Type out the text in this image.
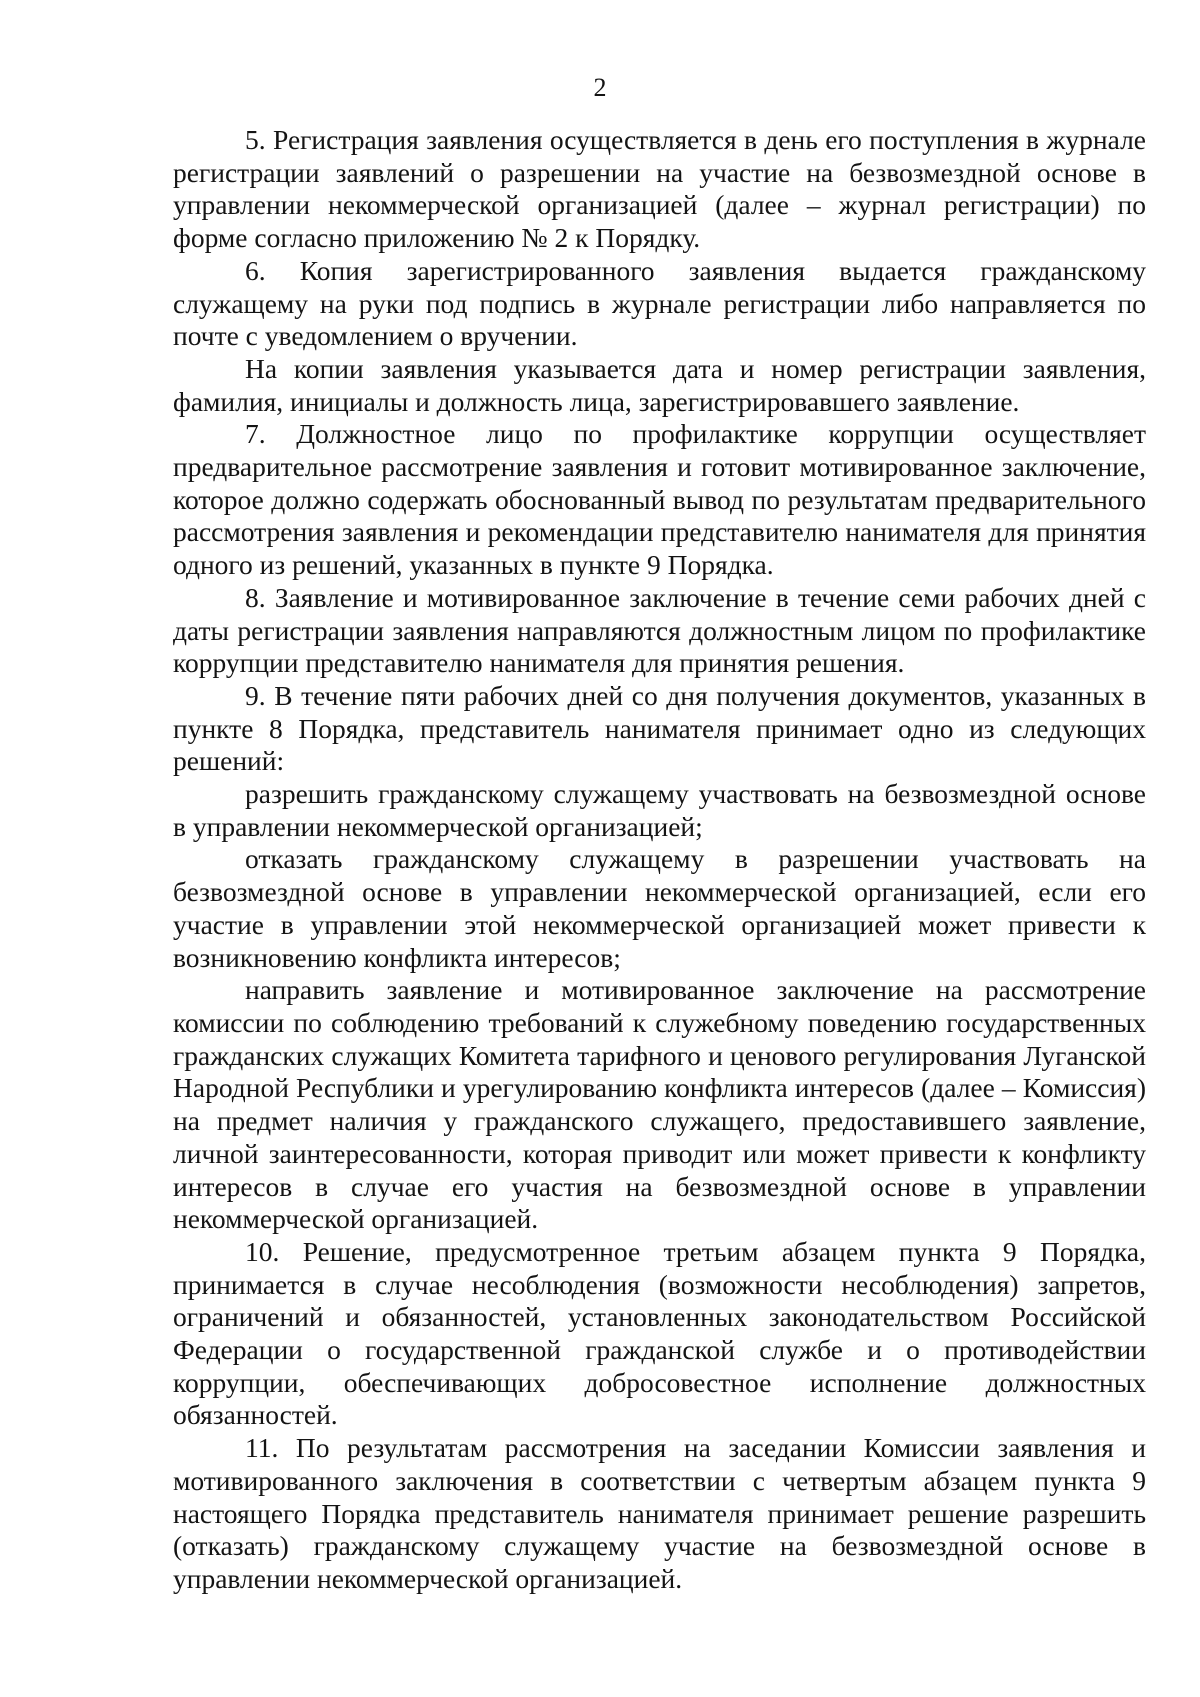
2

5. Регистрация заявления осуществляется в день его поступления в журнале регистрации заявлений о разрешении на участие на безвозмездной основе в управлении некоммерческой организацией (далее – журнал регистрации) по форме согласно приложению № 2 к Порядку.

6. Копия зарегистрированного заявления выдается гражданскому служащему на руки под подпись в журнале регистрации либо направляется по почте с уведомлением о вручении.

На копии заявления указывается дата и номер регистрации заявления, фамилия, инициалы и должность лица, зарегистрировавшего заявление.

7. Должностное лицо по профилактике коррупции осуществляет предварительное рассмотрение заявления и готовит мотивированное заключение, которое должно содержать обоснованный вывод по результатам предварительного рассмотрения заявления и рекомендации представителю нанимателя для принятия одного из решений, указанных в пункте 9 Порядка.

8. Заявление и мотивированное заключение в течение семи рабочих дней с даты регистрации заявления направляются должностным лицом по профилактике коррупции представителю нанимателя для принятия решения.

9. В течение пяти рабочих дней со дня получения документов, указанных в пункте 8 Порядка, представитель нанимателя принимает одно из следующих решений:

разрешить гражданскому служащему участвовать на безвозмездной основе в управлении некоммерческой организацией;

отказать гражданскому служащему в разрешении участвовать на безвозмездной основе в управлении некоммерческой организацией, если его участие в управлении этой некоммерческой организацией может привести к возникновению конфликта интересов;

направить заявление и мотивированное заключение на рассмотрение комиссии по соблюдению требований к служебному поведению государственных гражданских служащих Комитета тарифного и ценового регулирования Луганской Народной Республики и урегулированию конфликта интересов (далее – Комиссия) на предмет наличия у гражданского служащего, предоставившего заявление, личной заинтересованности, которая приводит или может привести к конфликту интересов в случае его участия на безвозмездной основе в управлении некоммерческой организацией.

10. Решение, предусмотренное третьим абзацем пункта 9 Порядка, принимается в случае несоблюдения (возможности несоблюдения) запретов, ограничений и обязанностей, установленных законодательством Российской Федерации о государственной гражданской службе и о противодействии коррупции, обеспечивающих добросовестное исполнение должностных обязанностей.

11. По результатам рассмотрения на заседании Комиссии заявления и мотивированного заключения в соответствии с четвертым абзацем пункта 9 настоящего Порядка представитель нанимателя принимает решение разрешить (отказать) гражданскому служащему участие на безвозмездной основе в управлении некоммерческой организацией.
